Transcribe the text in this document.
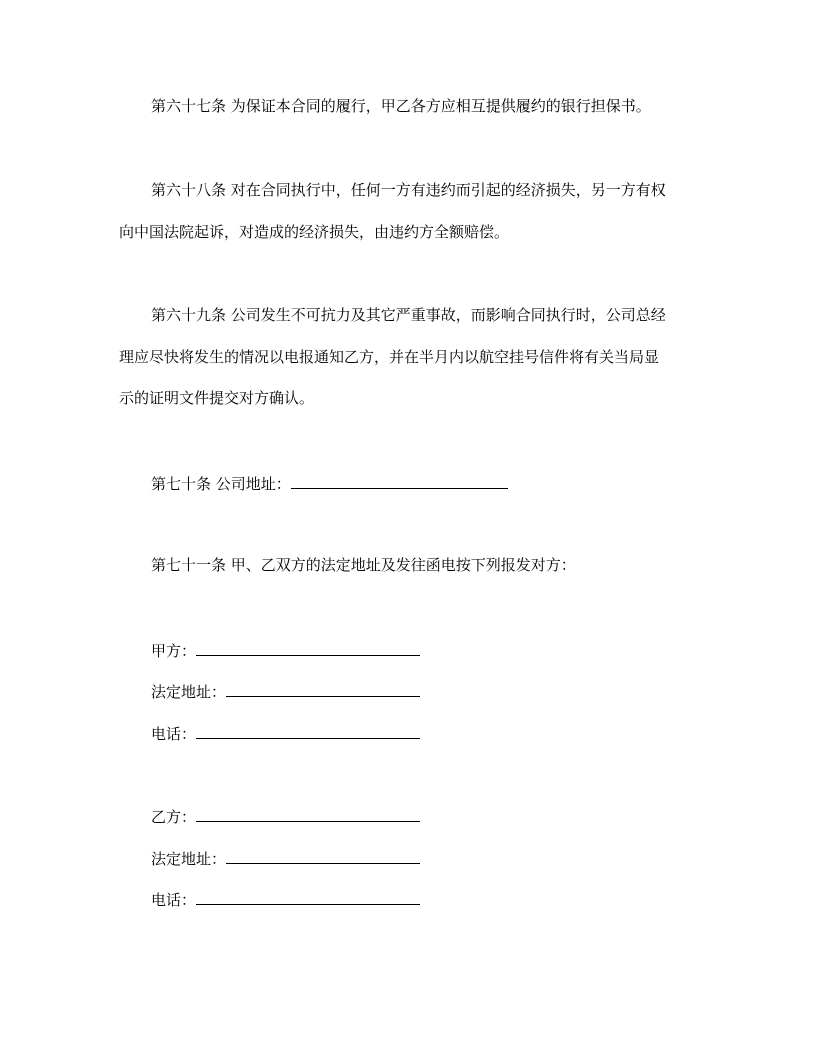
第六十七条 为保证本合同的履行，甲乙各方应相互提供履约的银行担保书。
第六十八条 对在合同执行中，任何一方有违约而引起的经济损失，另一方有权
向中国法院起诉，对造成的经济损失，由违约方全额赔偿。
第六十九条 公司发生不可抗力及其它严重事故，而影响合同执行时，公司总经
理应尽快将发生的情况以电报通知乙方，并在半月内以航空挂号信件将有关当局显
示的证明文件提交对方确认。
第七十条 公司地址：
第七十一条 甲、乙双方的法定地址及发往函电按下列报发对方：
甲方：
法定地址：
电话：
乙方：
法定地址：
电话：
